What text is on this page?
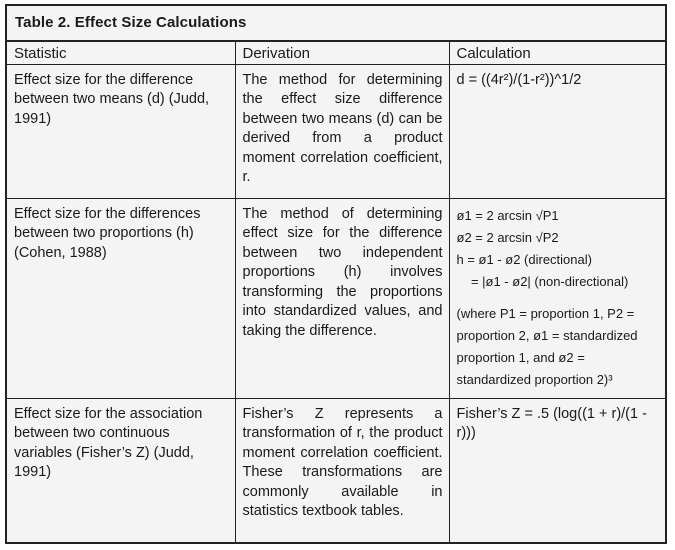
Table 2. Effect Size Calculations
Statistic	Derivation	Calculation
Effect size for the difference between two means (d) (Judd, 1991)	The method for determining the effect size difference between two means (d) can be derived from a product moment correlation coefficient, r.	d = ((4r²)/(1-r²))^1/2

Effect size for the differences between two proportions (h) (Cohen, 1988)	The method of determining effect size for the difference between two independent proportions (h) involves transforming the proportions into standardized values, and taking the difference.	ø1 = 2 arcsin √P1
ø2 = 2 arcsin √P2
h = ø1 - ø2 (directional)
= |ø1 - ø2| (non-directional)
(where P1 = proportion 1, P2 = proportion 2, ø1 = standardized proportion 1, and ø2 = standardized proportion 2)³

Effect size for the association between two continuous variables (Fisher’s Z) (Judd, 1991)	Fisher’s Z represents a transformation of r, the product moment correlation coefficient. These transformations are commonly available in statistics textbook tables.	Fisher’s Z = .5 (log((1 + r)/(1 - r)))
